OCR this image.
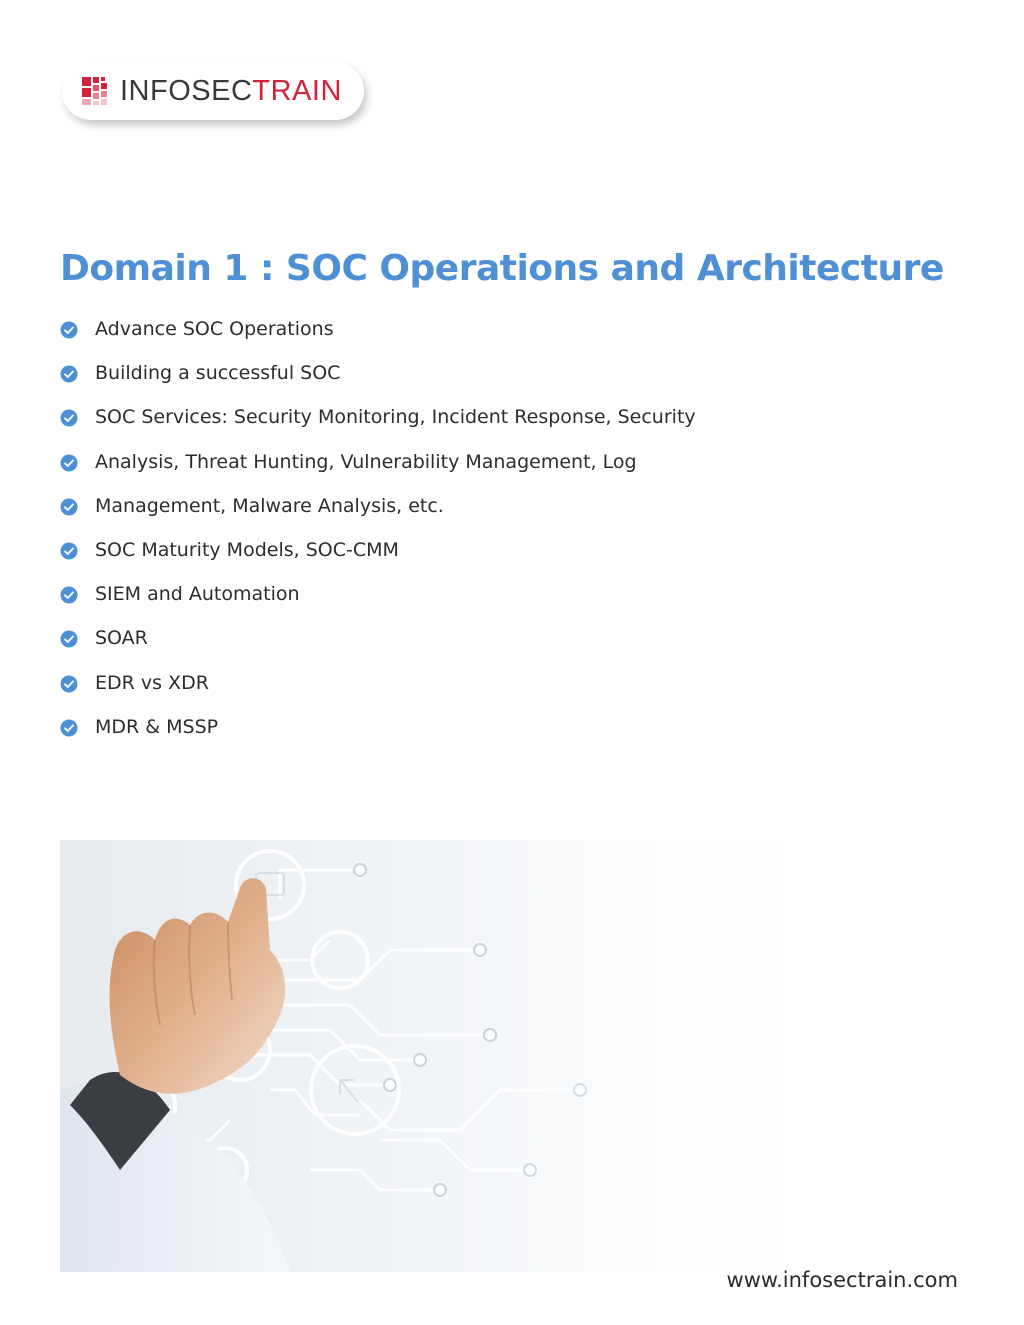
INFOSECTRAIN
Domain 1 : SOC Operations and Architecture
Advance SOC Operations
Building a successful SOC
SOC Services: Security Monitoring, Incident Response, Security
Analysis, Threat Hunting, Vulnerability Management, Log
Management, Malware Analysis, etc.
SOC Maturity Models, SOC-CMM
SIEM and Automation
SOAR
EDR vs XDR
MDR & MSSP
www.infosectrain.com
